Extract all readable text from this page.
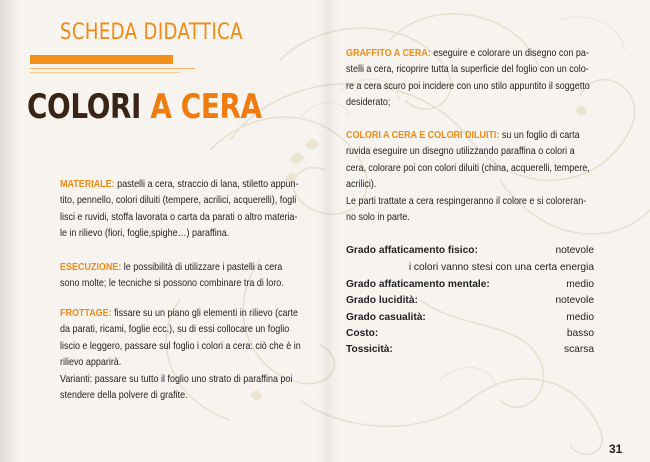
SCHEDA DIDATTICA
COLORI A CERA

MATERIALE: pastelli a cera, straccio di lana, stiletto appun-

tito, pennello, colori diluiti (tempere, acrilici, acquerelli), fogli

lisci e ruvidi, stoffa lavorata o carta da parati o altro materia-

le in rilievo (fiori, foglie,spighe…) paraffina.

ESECUZIONE: le possibilità di utilizzare i pastelli a cera

sono molte; le tecniche si possono combinare tra di loro.

FROTTAGE: fissare su un piano gli elementi in rilievo (carte

da parati, ricami, foglie ecc.), su di essi collocare un foglio

liscio e leggero, passare sul foglio i colori a cera: ciò che è in

rilievo apparirà.

Varianti: passare su tutto il foglio uno strato di paraffina poi

stendere della polvere di grafite.

GRAFFITO A CERA: eseguire e colorare un disegno con pa-

stelli a cera, ricoprire tutta la superficie del foglio con un colo-

re a cera scuro poi incidere con uno stilo appuntito il soggetto

desiderato;

COLORI A CERA E COLORI DILUITI: su un foglio di carta

ruvida eseguire un disegno utilizzando paraffina o colori a

cera, colorare poi con colori diluiti (china, acquerelli, tempere,

acrilici).

Le parti trattate a cera respingeranno il colore e si coloreran-

no solo in parte.

Grado affaticamento fisico:	notevole
i colori vanno stesi con una certa energia
Grado affaticamento mentale:	medio
Grado lucidità:	notevole
Grado casualità:	medio
Costo:	basso
Tossicità:	scarsa
31
